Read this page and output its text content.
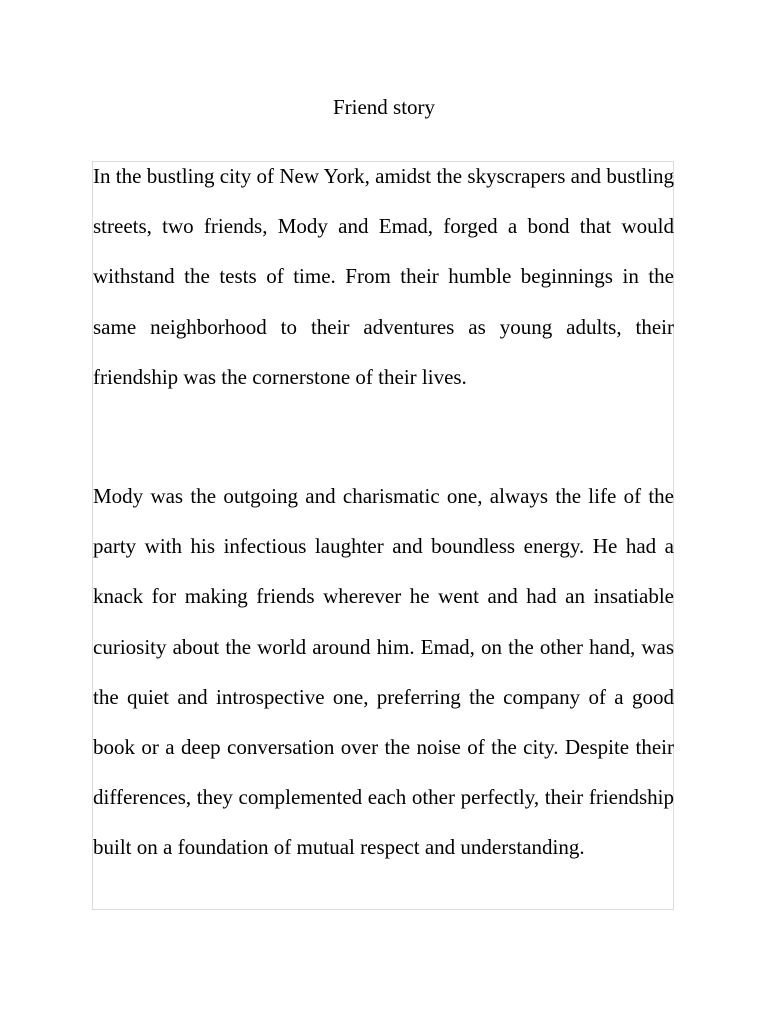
Friend story

In the bustling city of New York, amidst the skyscrapers and bustling streets, two friends, Mody and Emad, forged a bond that would withstand the tests of time. From their humble beginnings in the same neighborhood to their adventures as young adults, their friendship was the cornerstone of their lives.

Mody was the outgoing and charismatic one, always the life of the party with his infectious laughter and boundless energy. He had a knack for making friends wherever he went and had an insatiable curiosity about the world around him. Emad, on the other hand, was the quiet and introspective one, preferring the company of a good book or a deep conversation over the noise of the city. Despite their differences, they complemented each other perfectly, their friendship built on a foundation of mutual respect and understanding.
